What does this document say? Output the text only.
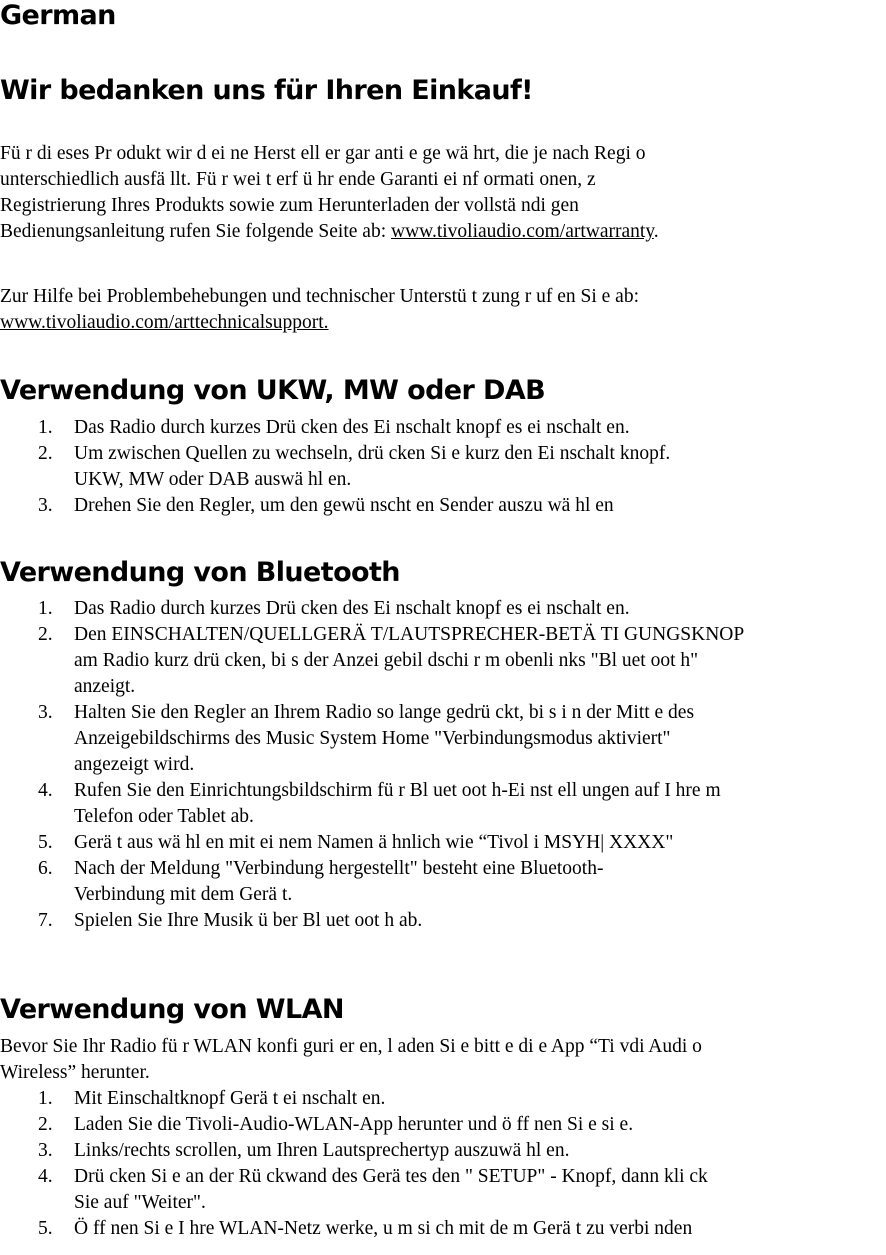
German
Wir bedanken uns für Ihren Einkauf!

Fü r di eses Pr odukt wir d ei ne Herst ell er gar anti e ge wä hrt, die je nach Regi o

unterschiedlich ausfä llt. Fü r wei t erf ü hr ende Garanti ei nf ormati onen, z

Registrierung Ihres Produkts sowie zum Herunterladen der vollstä ndi gen

Bedienungsanleitung rufen Sie folgende Seite ab: www.tivoliaudio.com/artwarranty.

Zur Hilfe bei Problembehebungen und technischer Unterstü t zung r uf en Si e ab:

www.tivoliaudio.com/arttechnicalsupport.

Verwendung von UKW, MW oder DAB
1. Das Radio durch kurzes Drü cken des Ei nschalt knopf es ei nschalt en.
2. Um zwischen Quellen zu wechseln, drü cken Si e kurz den Ei nschalt knopf.
UKW, MW oder DAB auswä hl en.
3. Drehen Sie den Regler, um den gewü nscht en Sender auszu wä hl en
Verwendung von Bluetooth
1. Das Radio durch kurzes Drü cken des Ei nschalt knopf es ei nschalt en.
2. Den EINSCHALTEN/QUELLGERÄ T/LAUTSPRECHER-BETÄ TI GUNGSKNOP
am Radio kurz drü cken, bi s der Anzei gebil dschi r m obenli nks "Bl uet oot h"
anzeigt.
3. Halten Sie den Regler an Ihrem Radio so lange gedrü ckt, bi s i n der Mitt e des
Anzeigebildschirms des Music System Home "Verbindungsmodus aktiviert"
angezeigt wird.
4. Rufen Sie den Einrichtungsbildschirm fü r Bl uet oot h-Ei nst ell ungen auf I hre m
Telefon oder Tablet ab.
5. Gerä t aus wä hl en mit ei nem Namen ä hnlich wie “Tivol i MSYH| XXXX"
6. Nach der Meldung "Verbindung hergestellt" besteht eine Bluetooth-
Verbindung mit dem Gerä t.
7. Spielen Sie Ihre Musik ü ber Bl uet oot h ab.
Verwendung von WLAN

Bevor Sie Ihr Radio fü r WLAN konfi guri er en, l aden Si e bitt e di e App “Ti vdi Audi o

Wireless” herunter.

1. Mit Einschaltknopf Gerä t ei nschalt en.
2. Laden Sie die Tivoli-Audio-WLAN-App herunter und ö ff nen Si e si e.
3. Links/rechts scrollen, um Ihren Lautsprechertyp auszuwä hl en.
4. Drü cken Si e an der Rü ckwand des Gerä tes den " SETUP" - Knopf, dann kli ck
Sie auf "Weiter".
5. Ö ff nen Si e I hre WLAN-Netz werke, u m si ch mit de m Gerä t zu verbi nden
